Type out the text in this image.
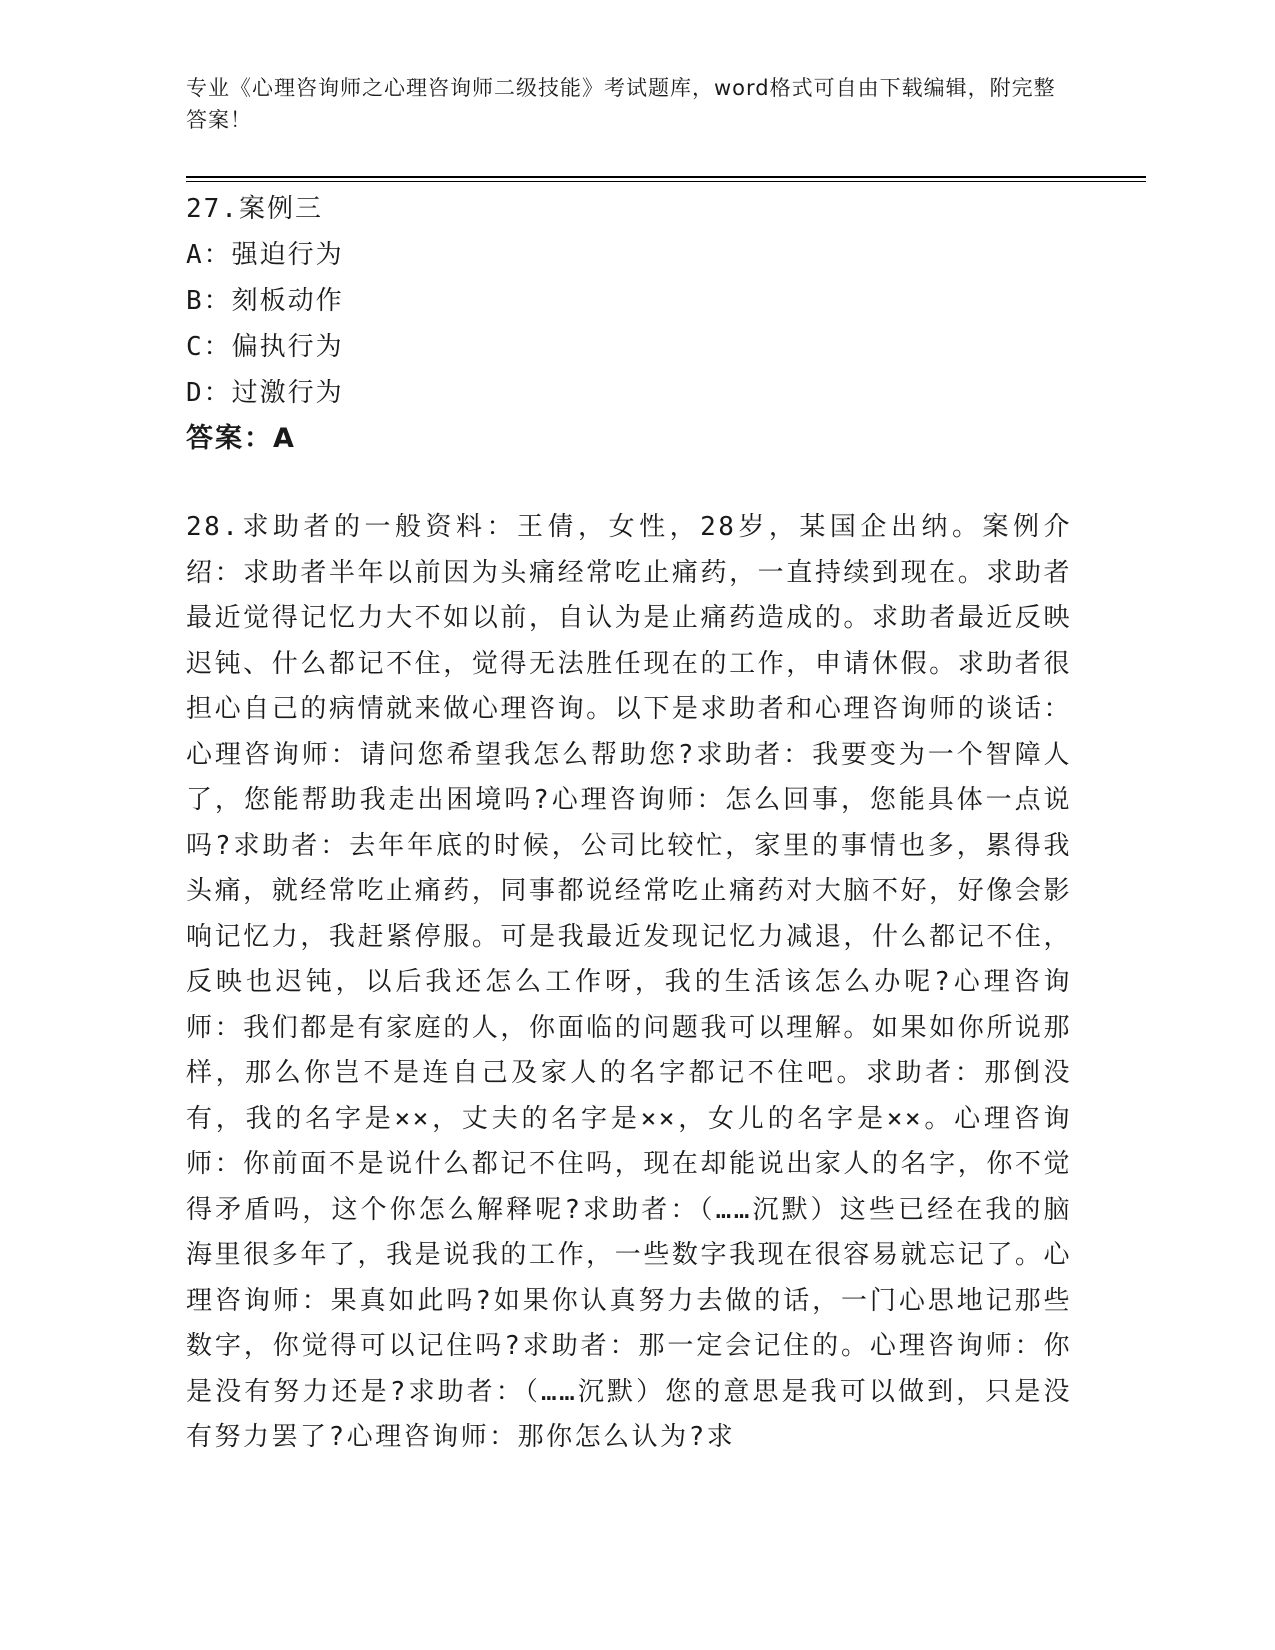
专业《心理咨询师之心理咨询师二级技能》考试题库，word格式可自由下载编辑，附完整答案！
27.案例三
A：强迫行为
B：刻板动作
C：偏执行为
D：过激行为
答案：A
28.求助者的一般资料：王倩，女性，28岁，某国企出纳。案例介绍：求助者半年以前因为头痛经常吃止痛药，一直持续到现在。求助者最近觉得记忆力大不如以前，自认为是止痛药造成的。求助者最近反映迟钝、什么都记不住，觉得无法胜任现在的工作，申请休假。求助者很担心自己的病情就来做心理咨询。以下是求助者和心理咨询师的谈话：心理咨询师：请问您希望我怎么帮助您?求助者：我要变为一个智障人了，您能帮助我走出困境吗?心理咨询师：怎么回事，您能具体一点说吗?求助者：去年年底的时候，公司比较忙，家里的事情也多，累得我头痛，就经常吃止痛药，同事都说经常吃止痛药对大脑不好，好像会影响记忆力，我赶紧停服。可是我最近发现记忆力减退，什么都记不住，反映也迟钝，以后我还怎么工作呀，我的生活该怎么办呢?心理咨询师：我们都是有家庭的人，你面临的问题我可以理解。如果如你所说那样，那么你岂不是连自己及家人的名字都记不住吧。求助者：那倒没有，我的名字是××，丈夫的名字是××，女儿的名字是××。心理咨询师：你前面不是说什么都记不住吗，现在却能说出家人的名字，你不觉得矛盾吗，这个你怎么解释呢?求助者：（……沉默）这些已经在我的脑海里很多年了，我是说我的工作，一些数字我现在很容易就忘记了。心理咨询师：果真如此吗?如果你认真努力去做的话，一门心思地记那些数字，你觉得可以记住吗?求助者：那一定会记住的。心理咨询师：你是没有努力还是?求助者：（……沉默）您的意思是我可以做到，只是没有努力罢了?心理咨询师：那你怎么认为?求
